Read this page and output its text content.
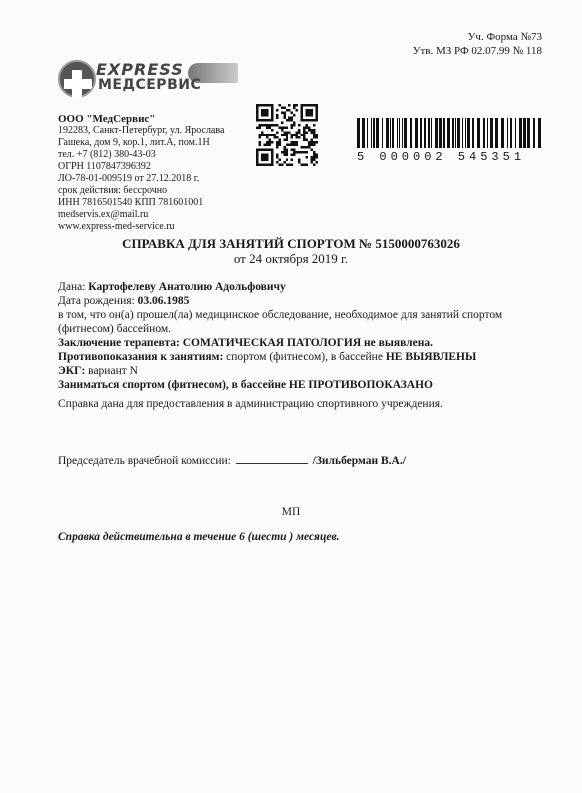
Уч. Форма №73
Утв. МЗ РФ 02.07.99 № 118
EXPRESS
МЕДСЕРВИС
ООО "МедСервис"
192283, Санкт-Петербург, ул. Ярослава
Гашека, дом 9, кор.1, лит.А, пом.1Н
тел. +7 (812) 380-43-03
ОГРН 1107847396392
ЛО-78-01-009519 от 27.12.2018 г.
срок действия: бессрочно
ИНН 7816501540 КПП 781601001
medservis.ex@mail.ru
www.express-med-service.ru
5 000002 545351
СПРАВКА ДЛЯ ЗАНЯТИЙ СПОРТОМ № 5150000763026
от 24 октября 2019 г.
Дана: Картофелеву Анатолию Адольфовичу
Дата рождения: 03.06.1985
в том, что он(а) прошел(ла) медицинское обследование, необходимое для занятий спортом (фитнесом) бассейном.
Заключение терапевта: СОМАТИЧЕСКАЯ ПАТОЛОГИЯ не выявлена.
Противопоказания к занятиям: спортом (фитнесом), в бассейне НЕ ВЫЯВЛЕНЫ
ЭКГ: вариант N
Заниматься спортом (фитнесом), в бассейне НЕ ПРОТИВОПОКАЗАНО
Справка дана для предоставления в администрацию спортивного учреждения.
Председатель врачебной комиссии:	/Зильберман В.А./
МП
Справка действительна в течение 6 (шести ) месяцев.
